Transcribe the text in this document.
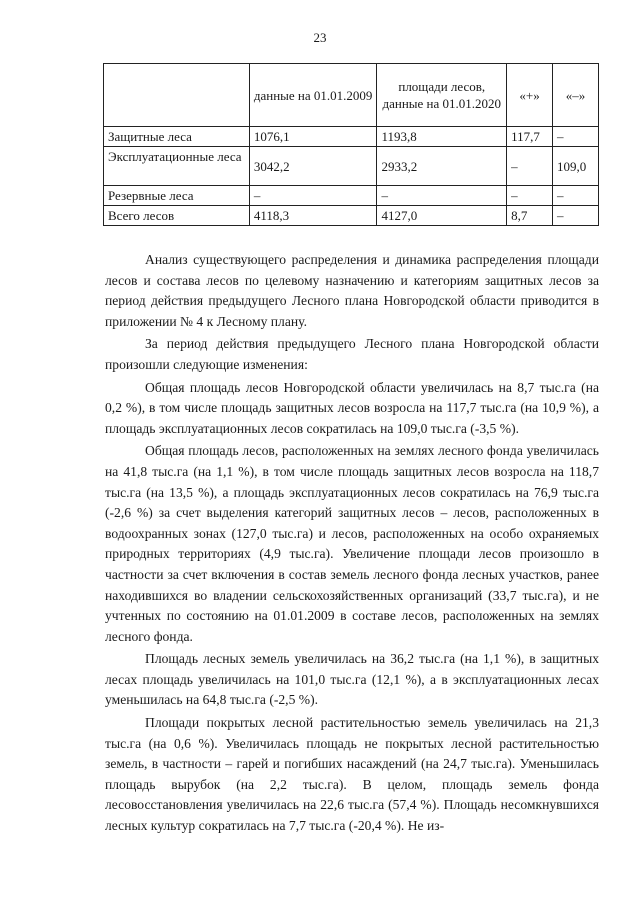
23
	данные на 01.01.2009	площади лесов, данные на 01.01.2020	«+»	«–»
Защитные леса	1076,1	1193,8	117,7	–
Эксплуатационные леса	3042,2	2933,2	–	109,0
Резервные леса	–	–	–	–
Всего лесов	4118,3	4127,0	8,7	–

Анализ существующего распределения и динамика распределения площади лесов и состава лесов по целевому назначению и категориям защитных лесов за период действия предыдущего Лесного плана Новгородской области приводится в приложении № 4 к Лесному плану.

За период действия предыдущего Лесного плана Новгородской области произошли следующие изменения:

Общая площадь лесов Новгородской области увеличилась на 8,7 тыс.га (на 0,2 %), в том числе площадь защитных лесов возросла на 117,7 тыс.га (на 10,9 %), а площадь эксплуатационных лесов сократилась на 109,0 тыс.га (-3,5 %).

Общая площадь лесов, расположенных на землях лесного фонда увеличилась на 41,8 тыс.га (на 1,1 %), в том числе площадь защитных лесов возросла на 118,7 тыс.га (на 13,5 %), а площадь эксплуатационных лесов сократилась на 76,9 тыс.га (-2,6 %) за счет выделения категорий защитных лесов – лесов, расположенных в водоохранных зонах (127,0 тыс.га) и лесов, расположенных на особо охраняемых природных территориях (4,9 тыс.га). Увеличение площади лесов произошло в частности за счет включения в состав земель лесного фонда лесных участков, ранее находившихся во владении сельскохозяйственных организаций (33,7 тыс.га), и не учтенных по состоянию на 01.01.2009 в составе лесов, расположенных на землях лесного фонда.

Площадь лесных земель увеличилась на 36,2 тыс.га (на 1,1 %), в защитных лесах площадь увеличилась на 101,0 тыс.га (12,1 %), а в эксплуатационных лесах уменьшилась на 64,8 тыс.га (-2,5 %).

Площади покрытых лесной растительностью земель увеличилась на 21,3 тыс.га (на 0,6 %). Увеличилась площадь не покрытых лесной растительностью земель, в частности – гарей и погибших насаждений (на 24,7 тыс.га). Уменьшилась площадь вырубок (на 2,2 тыс.га). В целом, площадь земель фонда лесовосстановления увеличилась на 22,6 тыс.га (57,4 %). Площадь несомкнувшихся лесных культур сократилась на 7,7 тыс.га (-20,4 %). Не из-
